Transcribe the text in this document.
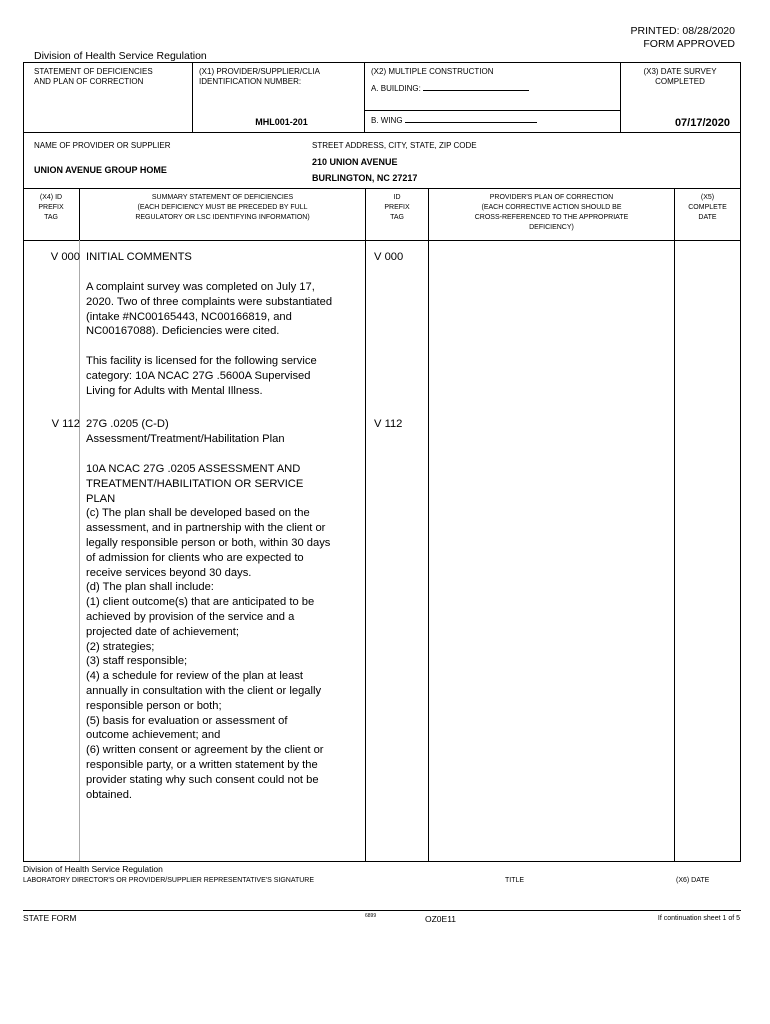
PRINTED: 08/28/2020
FORM APPROVED
Division of Health Service Regulation
STATEMENT OF DEFICIENCIES
AND PLAN OF CORRECTION
(X1) PROVIDER/SUPPLIER/CLIA
IDENTIFICATION NUMBER:
MHL001-201
(X2) MULTIPLE CONSTRUCTION
A. BUILDING:
B. WING
(X3) DATE SURVEY
COMPLETED
07/17/2020
NAME OF PROVIDER OR SUPPLIER
UNION AVENUE GROUP HOME
STREET ADDRESS, CITY, STATE, ZIP CODE
210 UNION AVENUE
BURLINGTON, NC 27217
(X4) ID
PREFIX
TAG
SUMMARY STATEMENT OF DEFICIENCIES
(EACH DEFICIENCY MUST BE PRECEDED BY FULL
REGULATORY OR LSC IDENTIFYING INFORMATION)
ID
PREFIX
TAG
PROVIDER'S PLAN OF CORRECTION
(EACH CORRECTIVE ACTION SHOULD BE
CROSS-REFERENCED TO THE APPROPRIATE
DEFICIENCY)
(X5)
COMPLETE
DATE
V 000	V 000
INITIAL COMMENTS
A complaint survey was completed on July 17,
2020. Two of three complaints were substantiated
(intake #NC00165443, NC00166819, and
NC00167088). Deficiencies were cited.
This facility is licensed for the following service
category: 10A NCAC 27G .5600A Supervised
Living for Adults with Mental Illness.
V 112	V 112
27G .0205 (C-D)
Assessment/Treatment/Habilitation Plan
10A NCAC 27G .0205 ASSESSMENT AND
TREATMENT/HABILITATION OR SERVICE
PLAN
(c) The plan shall be developed based on the
assessment, and in partnership with the client or
legally responsible person or both, within 30 days
of admission for clients who are expected to
receive services beyond 30 days.
(d) The plan shall include:
(1) client outcome(s) that are anticipated to be
achieved by provision of the service and a
projected date of achievement;
(2) strategies;
(3) staff responsible;
(4) a schedule for review of the plan at least
annually in consultation with the client or legally
responsible person or both;
(5) basis for evaluation or assessment of
outcome achievement; and
(6) written consent or agreement by the client or
responsible party, or a written statement by the
provider stating why such consent could not be
obtained.
Division of Health Service Regulation
LABORATORY DIRECTOR'S OR PROVIDER/SUPPLIER REPRESENTATIVE'S SIGNATURE	TITLE	(X6) DATE
STATE FORM	6899	OZ0E11	If continuation sheet 1 of 5
